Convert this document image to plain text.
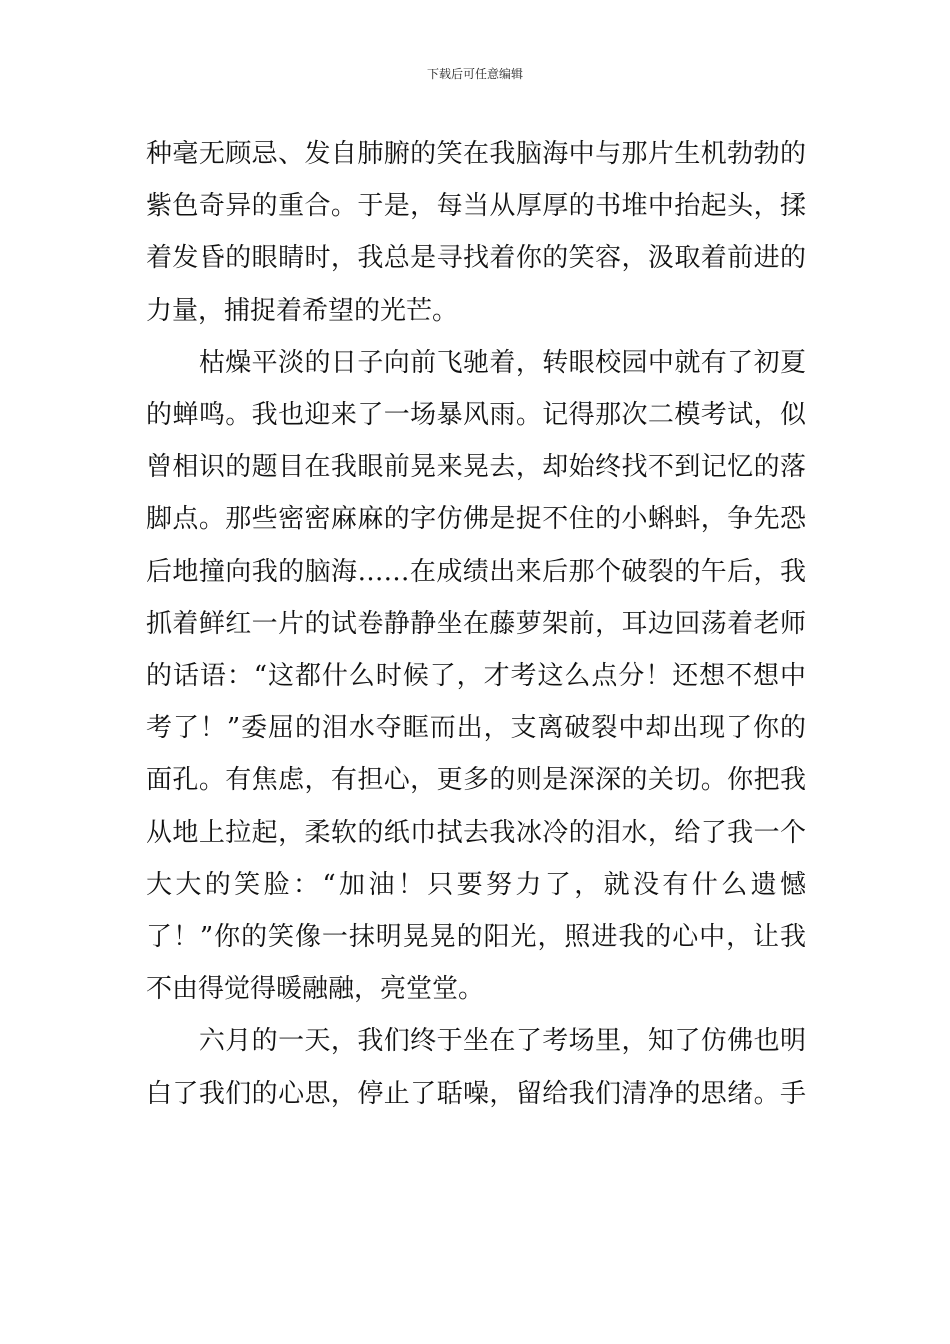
下载后可任意编辑
种毫无顾忌、发自肺腑的笑在我脑海中与那片生机勃勃的
紫色奇异的重合。于是，每当从厚厚的书堆中抬起头，揉
着发昏的眼睛时，我总是寻找着你的笑容，汲取着前进的
力量，捕捉着希望的光芒。
　　枯燥平淡的日子向前飞驰着，转眼校园中就有了初夏
的蝉鸣。我也迎来了一场暴风雨。记得那次二模考试，似
曾相识的题目在我眼前晃来晃去，却始终找不到记忆的落
脚点。那些密密麻麻的字仿佛是捉不住的小蝌蚪，争先恐
后地撞向我的脑海……在成绩出来后那个破裂的午后，我
抓着鲜红一片的试卷静静坐在藤萝架前，耳边回荡着老师
的话语：“这都什么时候了，才考这么点分！还想不想中
考了！”委屈的泪水夺眶而出，支离破裂中却出现了你的
面孔。有焦虑，有担心，更多的则是深深的关切。你把我
从地上拉起，柔软的纸巾拭去我冰冷的泪水，给了我一个
大大的笑脸：“加油！只要努力了，就没有什么遗憾
了！”你的笑像一抹明晃晃的阳光，照进我的心中，让我
不由得觉得暖融融，亮堂堂。
　　六月的一天，我们终于坐在了考场里，知了仿佛也明
白了我们的心思，停止了聒噪，留给我们清净的思绪。手
